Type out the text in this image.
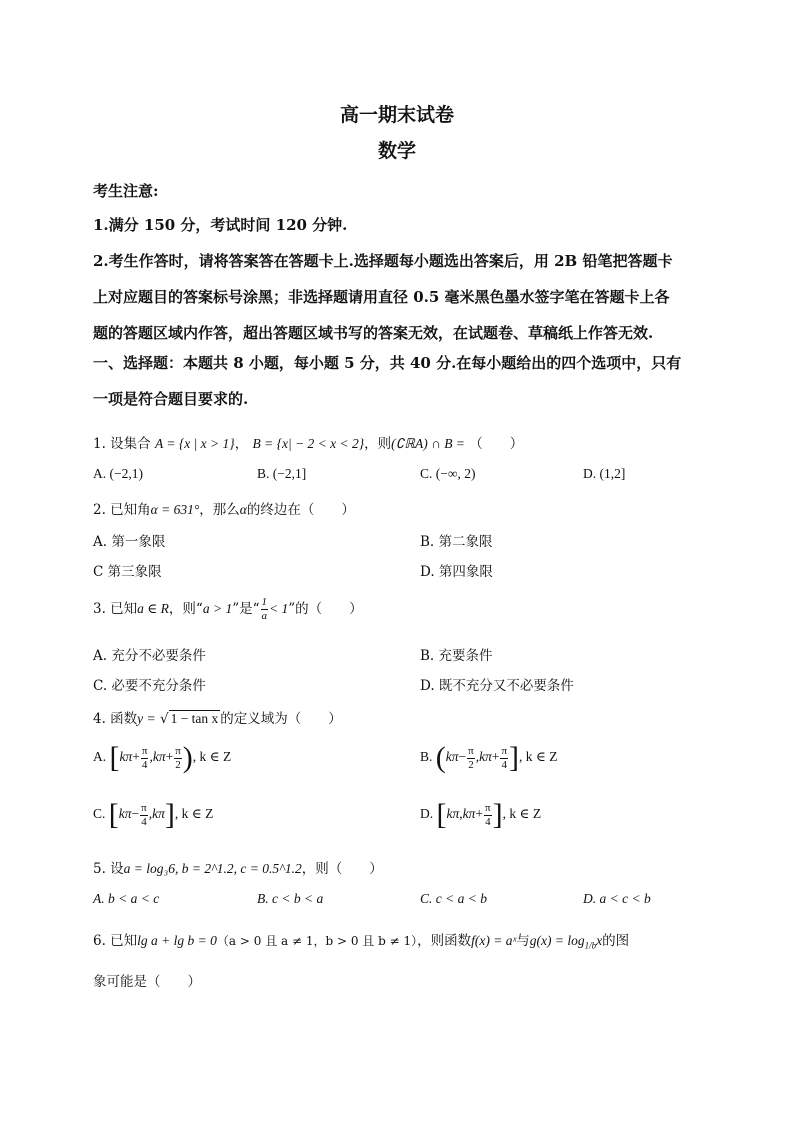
高一期末试卷
数学
考生注意:
1.满分 150 分，考试时间 120 分钟.
2.考生作答时，请将答案答在答题卡上.选择题每小题选出答案后，用 2B 铅笔把答题卡
上对应题目的答案标号涂黑；非选择题请用直径 0.5 毫米黑色墨水签字笔在答题卡上各
题的答题区域内作答，超出答题区域书写的答案无效，在试题卷、草稿纸上作答无效.
一、选择题：本题共 8 小题，每小题 5 分，共 40 分.在每小题给出的四个选项中，只有
一项是符合题目要求的.
1. 设集合 A = {x | x > 1}， B = {x| − 2 < x < 2}，则(∁ℝA) ∩ B = （　　）
A. (−2,1)	B. (−2,1]	C. (−∞, 2)	D. (1,2]
2. 已知角α = 631°，那么α的终边在（　　）
A. 第一象限	B. 第二象限
C 第三象限	D. 第四象限
3. 已知a ∈ R，则“a > 1”是“ $\frac{1}{a} < 1$”的（　　）
A. 充分不必要条件	B. 充要条件
C. 必要不充分条件	D. 既不充分又不必要条件
4. 函数y = √ 1 − tan x 的定义域为（　　）
A. [$k\pi+ \frac{\pi}{4} ,k\pi+ \frac{\pi}{2}$ ), k ∈ Z	B. ($k\pi- \frac{\pi}{2} ,k\pi+ \frac{\pi}{4}$ ], k ∈ Z
C. $[k\pi- \frac{\pi}{4} ,k\pi]$, k ∈ Z	D. [$k\pi,k\pi+ \frac{\pi}{4}$ ], k ∈ Z
5. 设a = log₃6, b = 2^1.2, c = 0.5^1.2，则（　　）
A. b < a < c	B. c < b < a	C. c < a < b	D. a < c < b
6. 已知lg a + lg b = 0（a > 0 且 a ≠ 1，b > 0 且 b ≠ 1），则函数f(x) = aˣ与$g(x) = \log_{1/b}x$的图
象可能是（　　）
